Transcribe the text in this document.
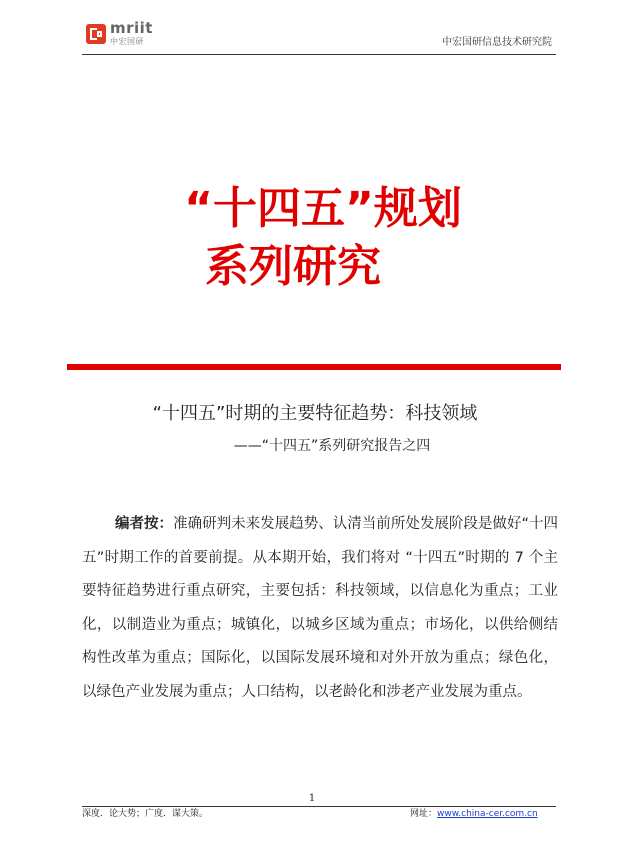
mriit
中宏国研	中宏国研信息技术研究院
“十四五”规划
系列研究
“十四五”时期的主要特征趋势：科技领域
——“十四五”系列研究报告之四
编者按：准确研判未来发展趋势、认清当前所处发展阶段是做好“十四五”时期工作的首要前提。从本期开始，我们将对 “十四五”时期的 7 个主要特征趋势进行重点研究，主要包括：科技领域，以信息化为重点；工业化，以制造业为重点；城镇化，以城乡区域为重点；市场化，以供给侧结构性改革为重点；国际化，以国际发展环境和对外开放为重点；绿色化，以绿色产业发展为重点；人口结构，以老龄化和涉老产业发展为重点。
1
深度．论大势；广度．谋大策。	网址：www.china-cer.com.cn
